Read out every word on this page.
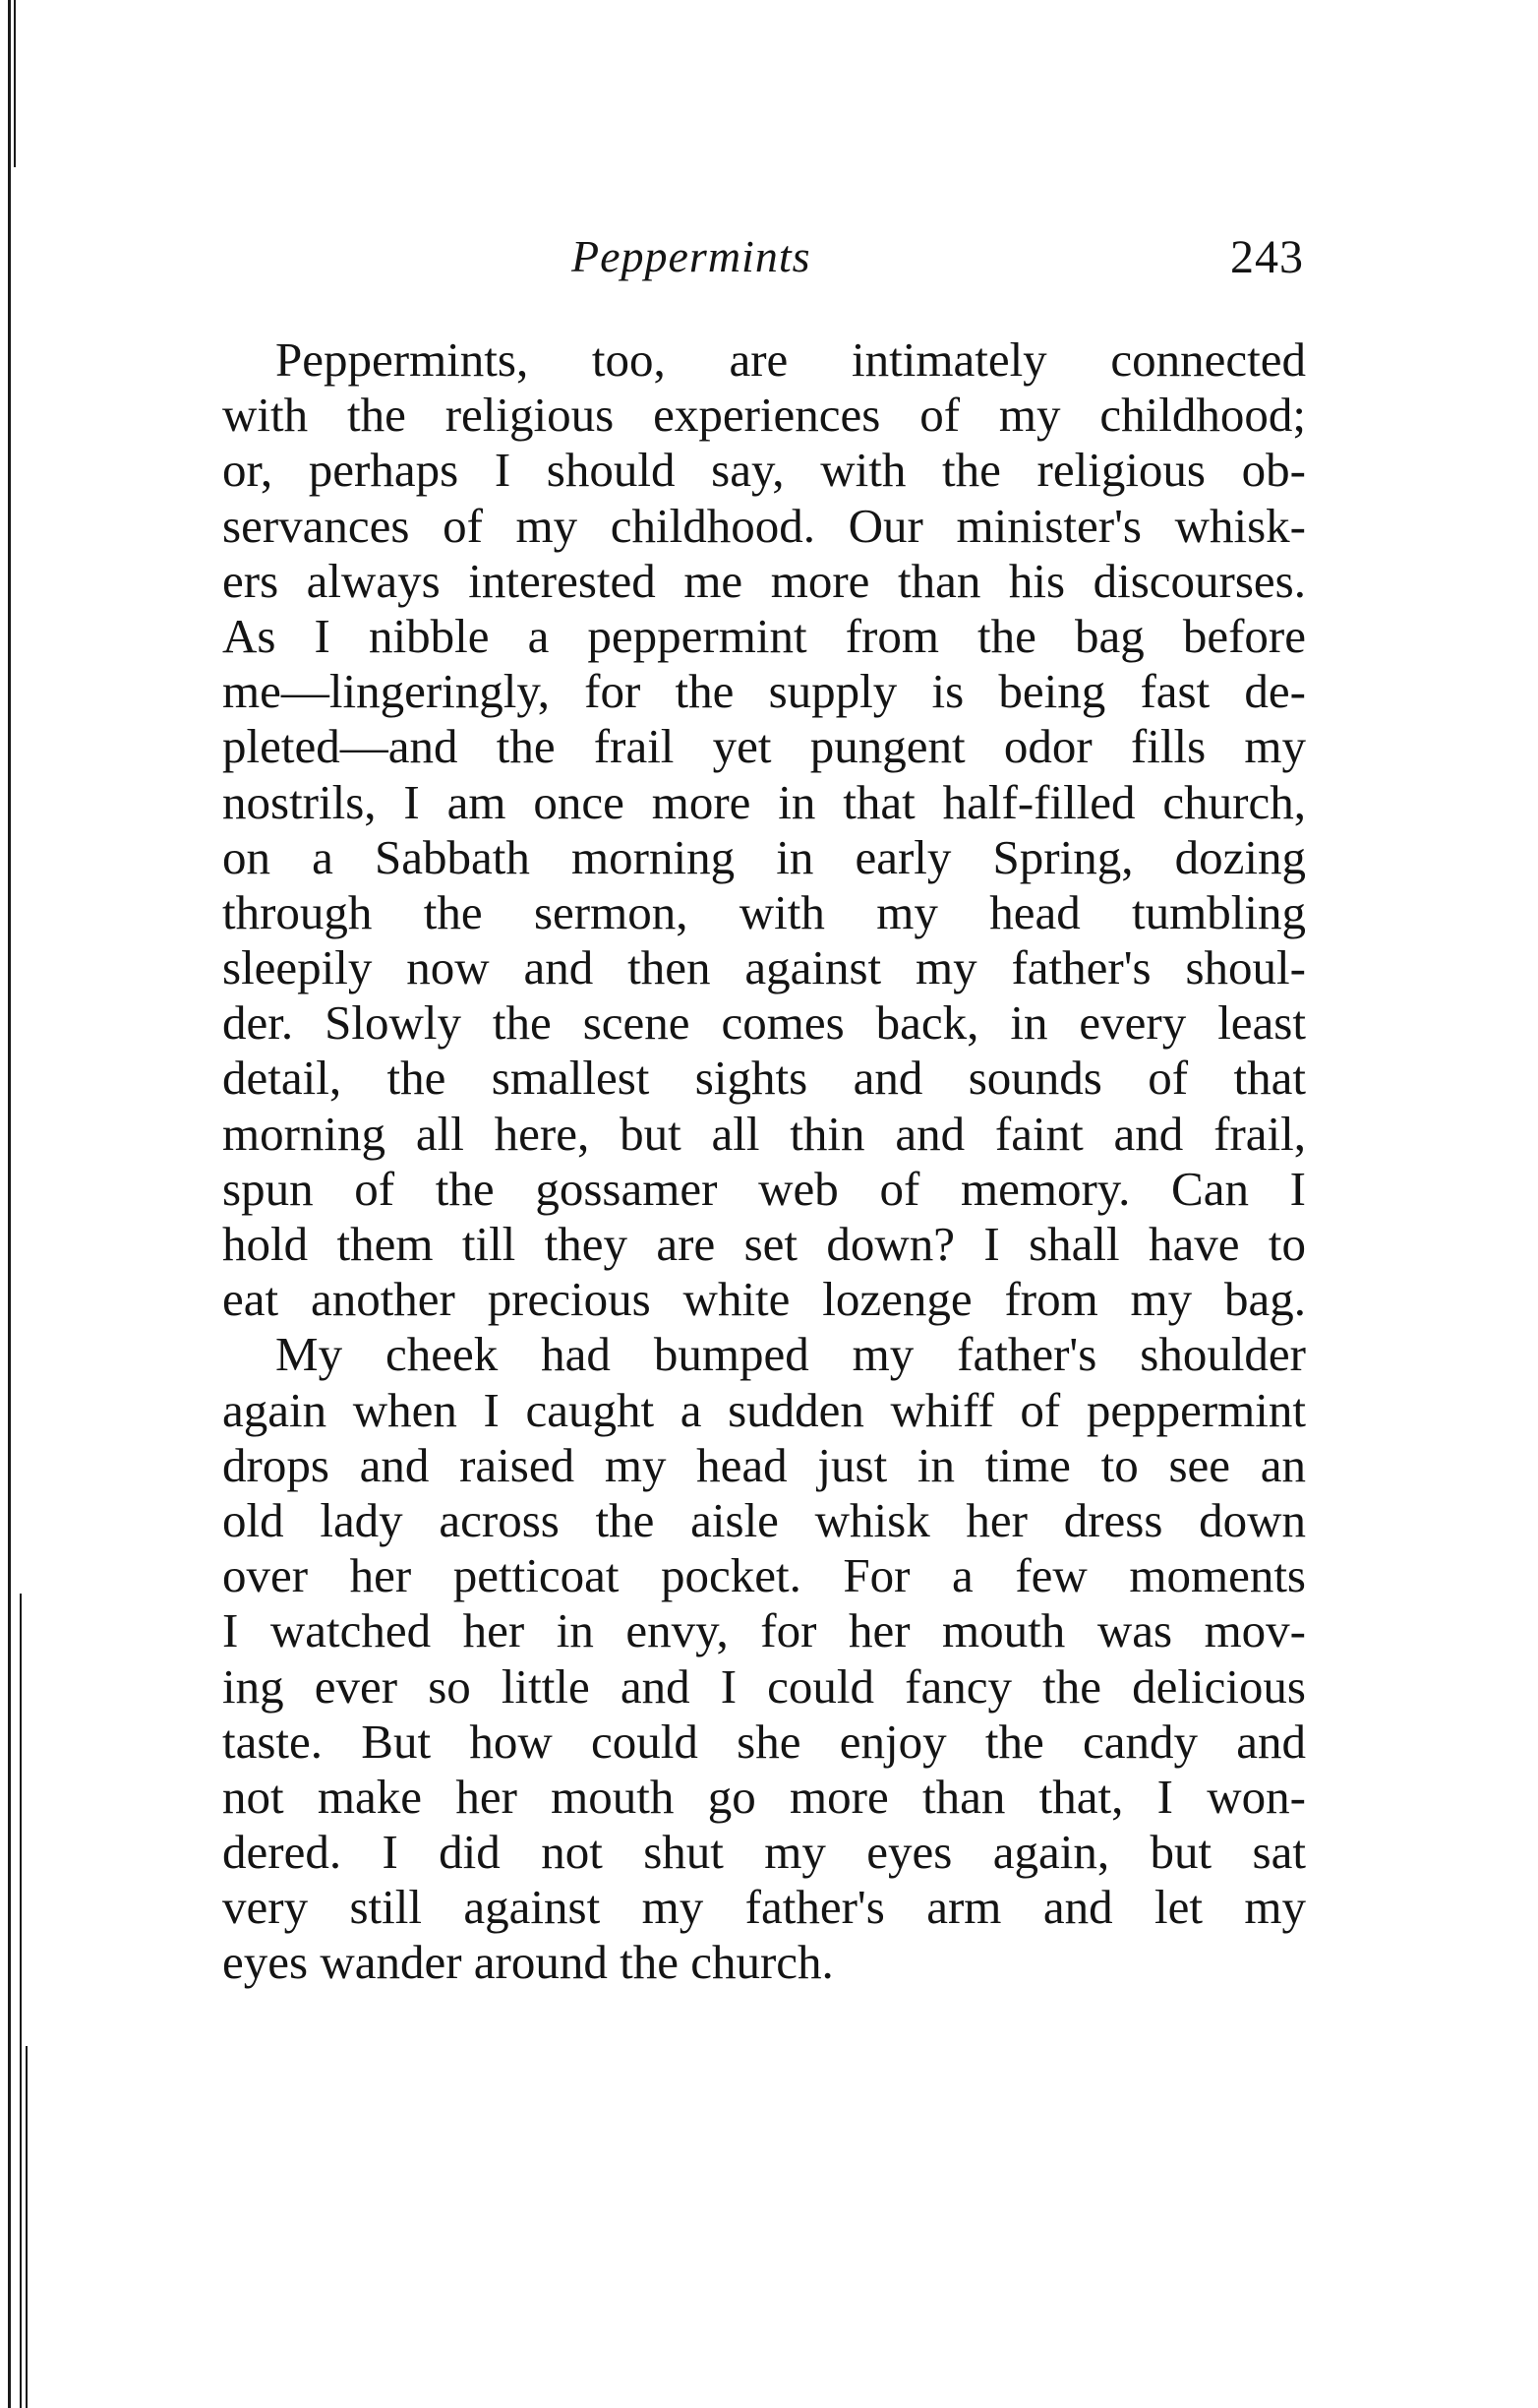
Peppermints	243
Peppermints, too, are intimately connected
with the religious experiences of my childhood;
or, perhaps I should say, with the religious ob-
servances of my childhood. Our minister's whisk-
ers always interested me more than his discourses.
As I nibble a peppermint from the bag before
me—lingeringly, for the supply is being fast de-
pleted—and the frail yet pungent odor fills my
nostrils, I am once more in that half-filled church,
on a Sabbath morning in early Spring, dozing
through the sermon, with my head tumbling
sleepily now and then against my father's shoul-
der. Slowly the scene comes back, in every least
detail, the smallest sights and sounds of that
morning all here, but all thin and faint and frail,
spun of the gossamer web of memory. Can I
hold them till they are set down? I shall have to
eat another precious white lozenge from my bag.
My cheek had bumped my father's shoulder
again when I caught a sudden whiff of peppermint
drops and raised my head just in time to see an
old lady across the aisle whisk her dress down
over her petticoat pocket. For a few moments
I watched her in envy, for her mouth was mov-
ing ever so little and I could fancy the delicious
taste. But how could she enjoy the candy and
not make her mouth go more than that, I won-
dered. I did not shut my eyes again, but sat
very still against my father's arm and let my
eyes wander around the church.
